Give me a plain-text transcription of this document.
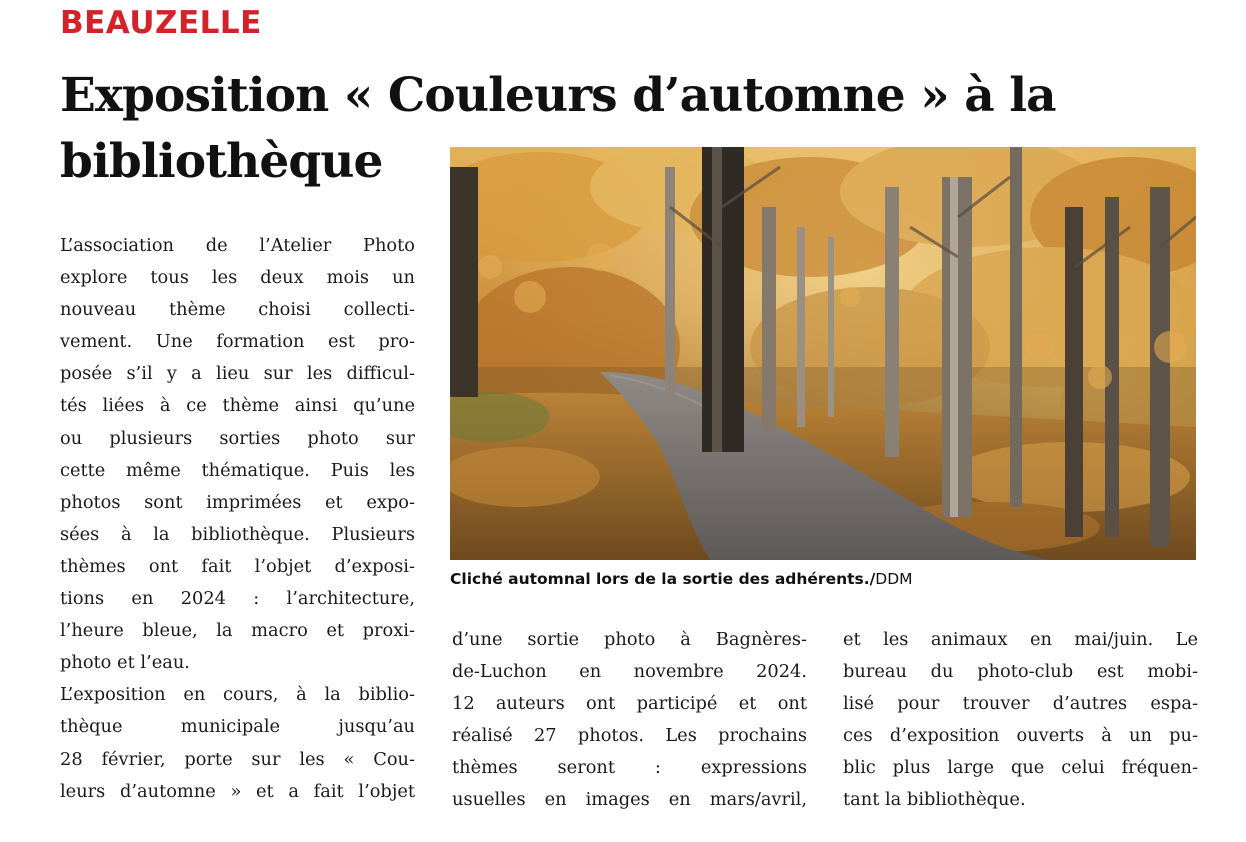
BEAUZELLE
Exposition « Couleurs d’automne » à la
bibliothèque

Cliché automnal lors de la sortie des adhérents./DDM

L’association de l’Atelier Photo
explore tous les deux mois un
nouveau thème choisi collecti-
vement. Une formation est pro-
posée s’il y a lieu sur les difficul-
tés liées à ce thème ainsi qu’une
ou plusieurs sorties photo sur
cette même thématique. Puis les
photos sont imprimées et expo-
sées à la bibliothèque. Plusieurs
thèmes ont fait l’objet d’exposi-
tions en 2024 : l’architecture,
l’heure bleue, la macro et proxi-
photo et l’eau.
L’exposition en cours, à la biblio-
thèque municipale jusqu’au
28 février, porte sur les « Cou-
leurs d’automne » et a fait l’objet
d’une sortie photo à Bagnères-
de-Luchon en novembre 2024.
12 auteurs ont participé et ont
réalisé 27 photos. Les prochains
thèmes seront : expressions
usuelles en images en mars/avril,
et les animaux en mai/juin. Le
bureau du photo-club est mobi-
lisé pour trouver d’autres espa-
ces d’exposition ouverts à un pu-
blic plus large que celui fréquen-
tant la bibliothèque.
